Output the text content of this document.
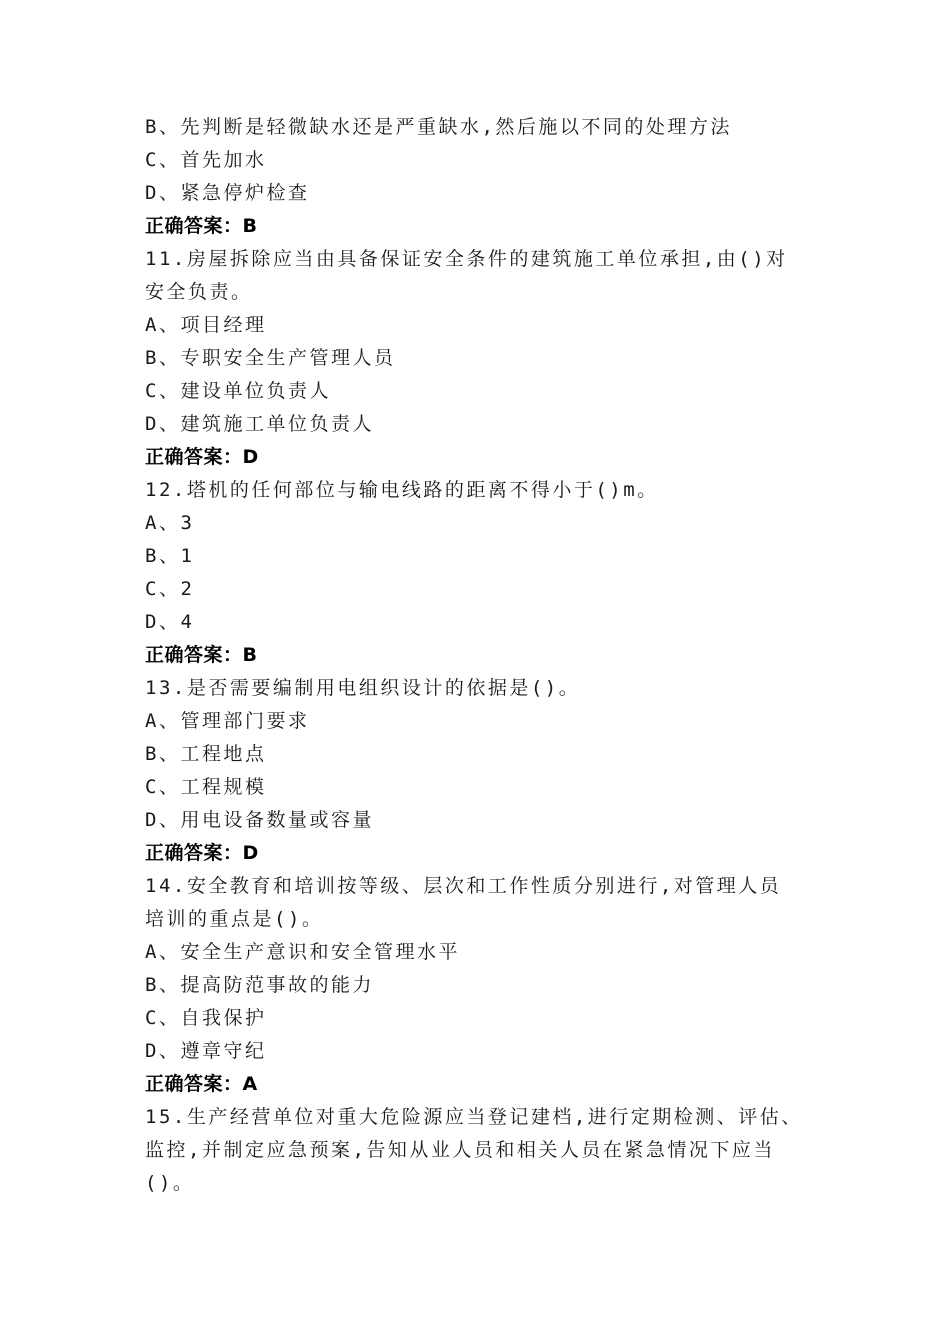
B、先判断是轻微缺水还是严重缺水,然后施以不同的处理方法
C、首先加水
D、紧急停炉检查
正确答案：B
11.房屋拆除应当由具备保证安全条件的建筑施工单位承担,由()对
安全负责。
A、项目经理
B、专职安全生产管理人员
C、建设单位负责人
D、建筑施工单位负责人
正确答案：D
12.塔机的任何部位与输电线路的距离不得小于()m。
A、3
B、1
C、2
D、4
正确答案：B
13.是否需要编制用电组织设计的依据是()。
A、管理部门要求
B、工程地点
C、工程规模
D、用电设备数量或容量
正确答案：D
14.安全教育和培训按等级、层次和工作性质分别进行,对管理人员
培训的重点是()。
A、安全生产意识和安全管理水平
B、提高防范事故的能力
C、自我保护
D、遵章守纪
正确答案：A
15.生产经营单位对重大危险源应当登记建档,进行定期检测、评估、
监控,并制定应急预案,告知从业人员和相关人员在紧急情况下应当
()。
